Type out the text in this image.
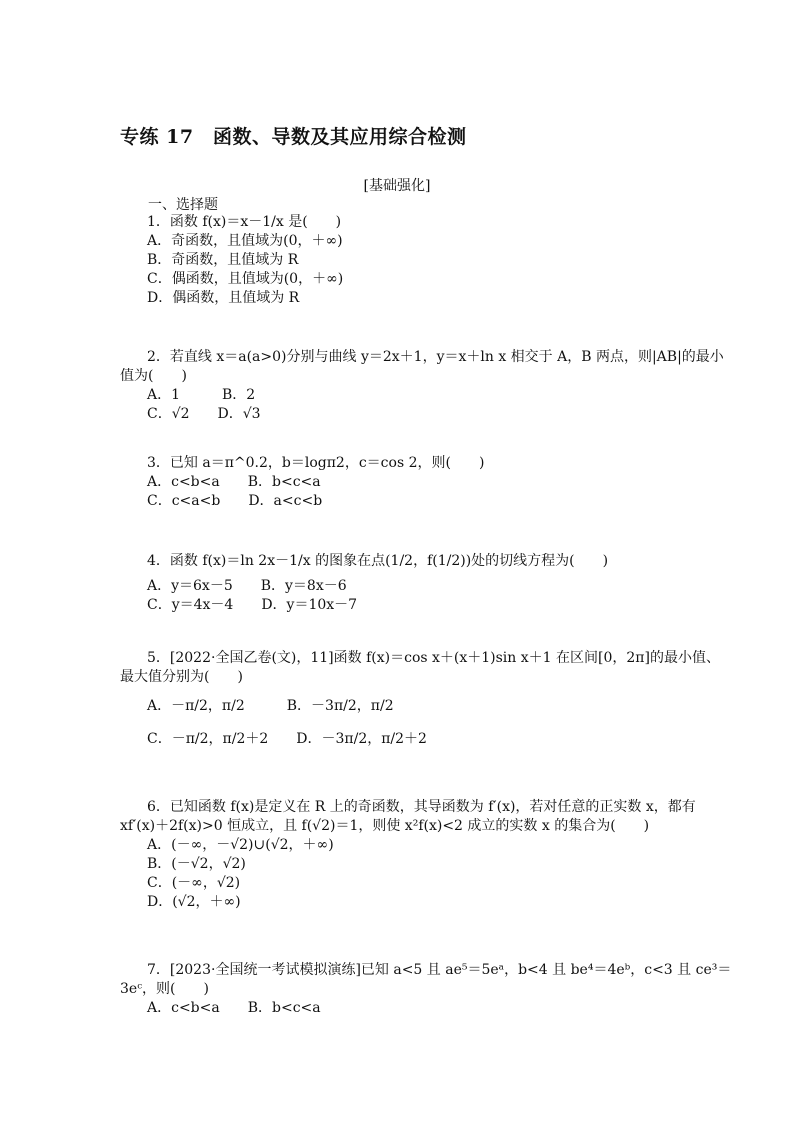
专练 17　函数、导数及其应用综合检测
[基础强化]
一、选择题
1．函数 f(x)＝x－1/x 是(　　)
A．奇函数，且值域为(0，＋∞)
B．奇函数，且值域为 R
C．偶函数，且值域为(0，＋∞)
D．偶函数，且值域为 R
2．若直线 x＝a(a>0)分别与曲线 y＝2x＋1，y＝x＋ln x 相交于 A，B 两点，则|AB|的最小
值为(　　)
A．1　　　B．2
C．√2　　D．√3
3．已知 a＝π^0.2，b＝logπ2，c＝cos 2，则(　　)
A．c<b<a　　B．b<c<a
C．c<a<b　　D．a<c<b
4．函数 f(x)＝ln 2x－1/x 的图象在点(1/2，f(1/2))处的切线方程为(　　)
A．y＝6x－5　　B．y＝8x－6
C．y＝4x－4　　D．y＝10x－7
5．[2022·全国乙卷(文)，11]函数 f(x)＝cos x＋(x＋1)sin x＋1 在区间[0，2π]的最小值、
最大值分别为(　　)
A．－π/2，π/2　　　B．－3π/2，π/2
C．－π/2，π/2＋2　　D．－3π/2，π/2＋2
6．已知函数 f(x)是定义在 R 上的奇函数，其导函数为 f′(x)，若对任意的正实数 x，都有
xf′(x)＋2f(x)>0 恒成立，且 f(√2)＝1，则使 x²f(x)<2 成立的实数 x 的集合为(　　)
A．(－∞，－√2)∪(√2，＋∞)
B．(－√2，√2)
C．(－∞，√2)
D．(√2，＋∞)
7．[2023·全国统一考试模拟演练]已知 a<5 且 ae⁵＝5eᵃ，b<4 且 be⁴＝4eᵇ，c<3 且 ce³＝
3eᶜ，则(　　)
A．c<b<a　　B．b<c<a
